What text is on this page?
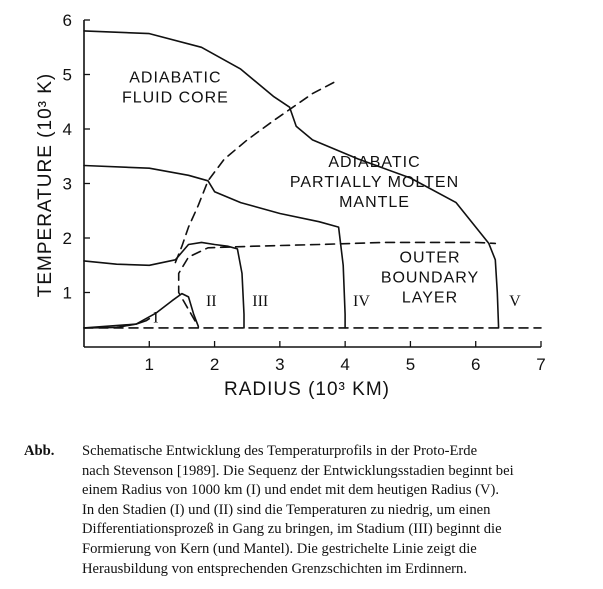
1	2	3	4	5	6	7
1
2
3
4
5
6
I
II III	IV	V
ADIABATIC FLUID CORE
ADIABATIC PARTIALLY MOLTEN MANTLE
OUTER BOUNDARY LAYER
RADIUS (10³ KM)
TEMPERATURE (10³ K)
Abb. Schematische Entwicklung des Temperaturprofils in der Proto-Erde
nach Stevenson [1989]. Die Sequenz der Entwicklungsstadien beginnt bei
einem Radius von 1000 km (I) und endet mit dem heutigen Radius (V).
In den Stadien (I) und (II) sind die Temperaturen zu niedrig, um einen
Differentiationsprozeß in Gang zu bringen, im Stadium (III) beginnt die
Formierung von Kern (und Mantel). Die gestrichelte Linie zeigt die
Herausbildung von entsprechenden Grenzschichten im Erdinnern.
